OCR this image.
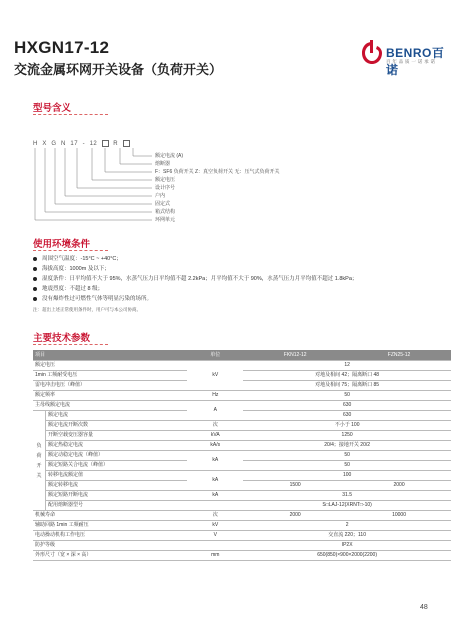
HXGN17-12
交流金属环网开关设备（负荷开关）
BENRO百诺
百 年 品 质 一 诺 承 诺
型号含义
H X G N 17 - 12	R
额定电流 (A)
熔断器
F：SF6 负荷开关 Z：真空负荷开关 无：压气式负荷开关
额定电压
设计序号
户内
固定式
箱式结构
环网单元
使用环境条件
周围空气温度：-15°C ~ +40°C；
海拔高度：1000m 及以下；
湿度条件：日平均值不大于 95%，水蒸气压力日平均值不超 2.2kPa；月平均值不大于 90%，水蒸气压力月平均值不超过 1.8kPa；
地震烈度：不超过 8 级；
没有爆炸性过可燃性气体等明显污染的场所。
注：超出上述正常使用条件时，用户可与本公司协商。
主要技术参数
项目		单位	FKN12-12	FZN25-12
额定电压		kV	12	
1min 工频耐受电压			对地及相间 42；隔离断口 48	
雷电冲击电压（峰值）			对地及相间 75；隔离断口 85	
额定频率		Hz	50	
主母线额定电流		A	630	
负荷开关	额定电流		630	
	额定电流开断次数	次	不小于 100	
	开断空载变压器容量	kVA	1250	
	额定热稳定电流	kA/s	20/4；接地开关 20/2	
	额定动稳定电流（峰值）	kA	50	
	额定短路关合电流（峰值）		50	
	转移电流额定值	kA	100	
	额定转移电流		1500	2000
	额定短路开断电流	kA	31.5	
	配用熔断器型号		S□LAJ-12(XRNT□-10)	
机械寿命		次	2000	10000
辅助回路 1min 工频耐压		kV	2	
电动操动机构工作电压		V	交直流 220；110	
防护等级			IP2X	
外形尺寸（宽 × 深 × 高）		mm	650(850)×900×2000(2200)	
48
